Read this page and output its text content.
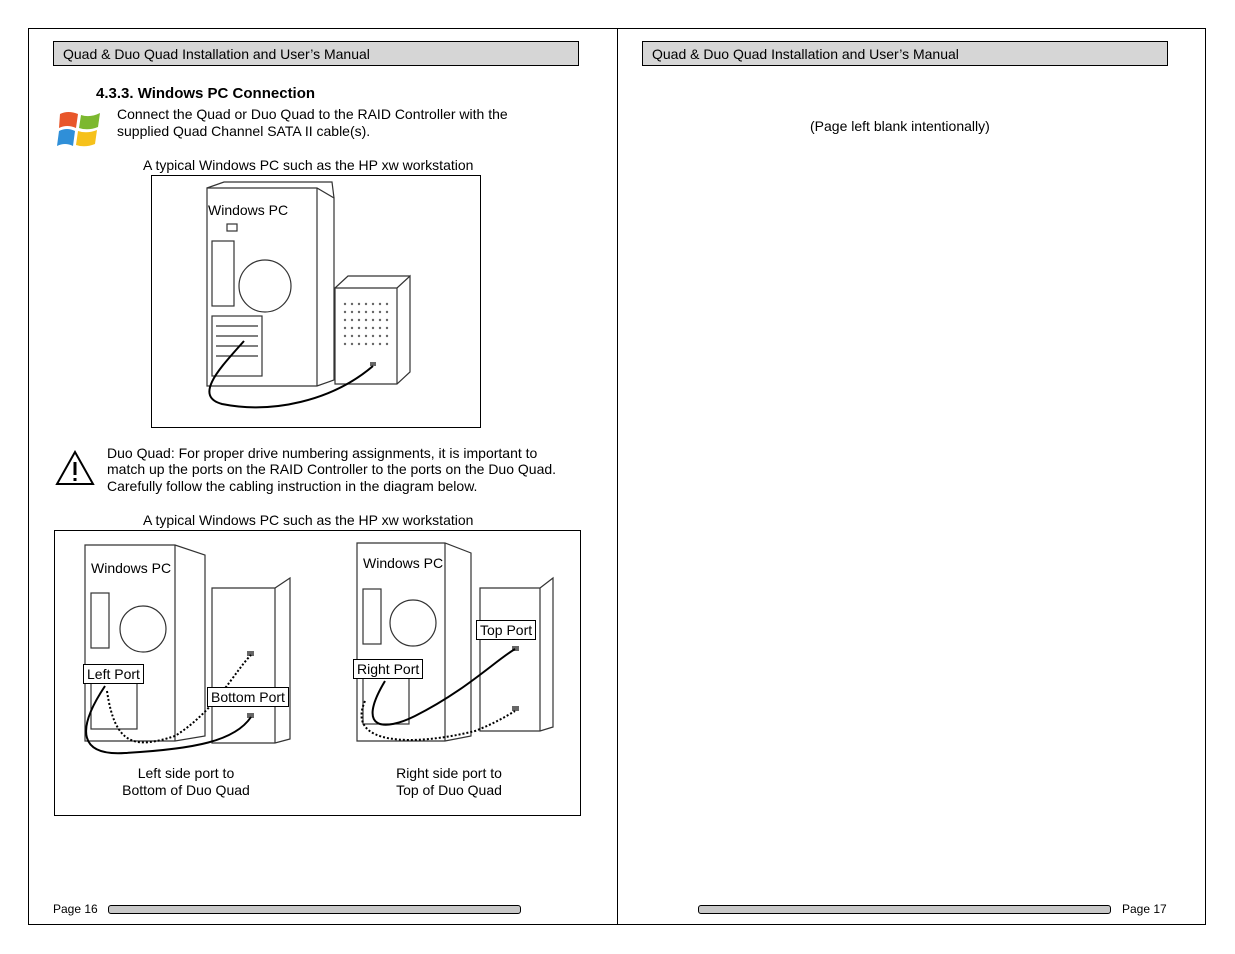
Quad & Duo Quad Installation and User’s Manual
4.3.3. Windows PC Connection
Connect the Quad or Duo Quad to the RAID Controller with the
supplied Quad Channel SATA II cable(s).
A typical Windows PC such as the HP xw workstation
Windows PC
Duo Quad: For proper drive numbering assignments, it is important to
match up the ports on the RAID Controller to the ports on the Duo Quad.
Carefully follow the cabling instruction in the diagram below.
A typical Windows PC such as the HP xw workstation
Windows PC
Left Port
Bottom Port
Windows PC
Right Port
Top Port
Left side port to
Bottom of Duo Quad
Right side port to
Top of Duo Quad
Page 16
Quad & Duo Quad Installation and User’s Manual
(Page left blank intentionally)
Page 17
